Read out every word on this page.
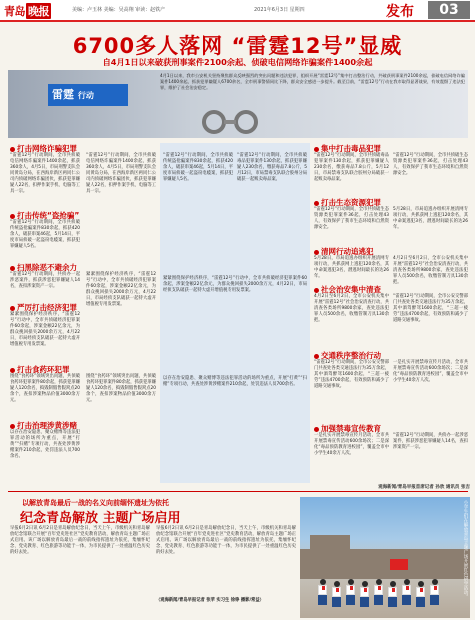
青岛 晚报	美编：卢玉林 美编：吴高翔 审读：赵铁产	2021年6月3日 星期四	发布	03
6700多人落网 “雷霆12号”显威
自4月1日以来破获刑事案件2100余起、侦破电信网络诈骗案件1400余起
雷霆 行动
4月1日以来，我市公安机关坚持聚焦群众反映强烈的突出问题和违法犯罪，组织开展“雷霆12号”集中打击整治行动，共破获刑事案件2100余起，侦破电信网络诈骗案件1400余起，抓获犯罪嫌疑人6700余名，全市刑事警情同比下降，群众安全感进一步提升。截至目前，“雷霆12号”行动在我市取得显著战果，有效震慑了违法犯罪，维护了社会治安稳定。
打击网络诈骗犯罪
“雷霆12号”行动期间，全市共侦破电信网络诈骗案件1400余起，抓获360余人，4月5日，市局刑警支队会同黄岛分局，在西海岸新区两同仁公司内侦破网络诈骗团伙，抓获犯罪嫌疑人22名，扣押作案手机、电脑等工具一宗。
打击传统“盗抢骗”
“雷霆12号”行动期间，全市共侦破传统盗抢骗案件830余起，抓获420余人，破获串案46起，5月14日，平度市局侦破一起盗窃电缆案，抓获犯罪嫌疑人5名。
扫黑除恶不避余力
“雷霆12号”行动期间，共侦办一起涉恶案件，抓获涉恶犯罪嫌疑人14名，查扣涉案资产一宗。
严厉打击经济犯罪
紧紧围绕保护经济秩序，“雷霆12号”行动中，全市共侦破经济犯罪案件60余起，涉案金额22亿余元，为群众挽回损失2000余万元，4月22日，市局经侦支队破获一起特大虚开增值税专用发票案。
打击食药环犯罪
围绕“食药环”领域突出问题，共侦破食药环犯罪案件80余起，抓获犯罪嫌疑人120余名，捣毁制假售假窝点20余个，查扣涉案物品价值3000余万元。
打击治理涉黄涉赌
以存在治安隐患、聚众赌博等违法犯罪活动的场所为重点，开展“打黄”“扫赌”专项行动，共查处涉黄涉赌案件210余起，处罚违法人员700余名。
“雷霆12号”行动期间，全市共侦破电信网络诈骗案件1400余起，抓获360余人，4月5日，市局刑警支队会同黄岛分局，在西海岸新区两同仁公司内侦破网络诈骗团伙，抓获犯罪嫌疑人22名，扣押作案手机、电脑等工具一宗。
紧紧围绕保护经济秩序，“雷霆12号”行动中，全市共侦破经济犯罪案件60余起，涉案金额22亿余元，为群众挽回损失2000余万元，4月22日，市局经侦支队破获一起特大虚开增值税专用发票案。
围绕“食药环”领域突出问题，共侦破食药环犯罪案件80余起，抓获犯罪嫌疑人120余名，捣毁制假售假窝点20余个，查扣涉案物品价值3000余万元。
“雷霆12号”行动期间，全市共侦破传统盗抢骗案件830余起，抓获420余人，破获串案46起，5月14日，平度市局侦破一起盗窃电缆案，抓获犯罪嫌疑人5名。
“雷霆12号”行动期间，全市共侦破毒品犯罪案件130余起，抓获犯罪嫌疑人230余名，缴获毒品7.8公斤，5月12日，市局禁毒支队联合胶州分局破获一起贩卖毒品案。
紧紧围绕保护经济秩序，“雷霆12号”行动中，全市共侦破经济犯罪案件60余起，涉案金额22亿余元，为群众挽回损失2000余万元，4月22日，市局经侦支队破获一起特大虚开增值税专用发票案。
以存在治安隐患、聚众赌博等违法犯罪活动的场所为重点，开展“打黄”“扫赌”专项行动，共查处涉黄涉赌案件210余起，处罚违法人员700余名。
集中打击毒品犯罪
“雷霆12号”行动期间，全市共侦破毒品犯罪案件130余起，抓获犯罪嫌疑人230余名，缴获毒品7.8公斤，5月12日，市局禁毒支队联合胶州分局破获一起贩卖毒品案。
“雷霆12号”行动期间，全市共侦破生态资源类犯罪案件36起，打击处理43人，有效保护了我市生态环境和自然资源安全。
打击生态资源犯罪
“雷霆12号”行动期间，全市共侦破生态资源类犯罪案件36起，打击处理43人，有效保护了我市生态环境和自然资源安全。
5月28日，市局追逃办组织开展清网专项行动，共抓获网上逃犯120余名，其中命案逃犯3名，潜逃时间最长的达26年。
清网行动追逃犯
5月28日，市局追逃办组织开展清网专项行动，共抓获网上逃犯120余名，其中命案逃犯3名，潜逃时间最长的达26年。
4月2日至6月2日，全市公安机关集中开展“雷霆12号”社会治安清查行动，共清查各类场所9800余家，查处违法犯罪人员500余名，收缴管制刀具130余把。
社会治安集中清查
4月2日至6月2日，全市公安机关集中开展“雷霆12号”社会治安清查行动，共清查各类场所9800余家，查处违法犯罪人员500余名，收缴管制刀具130余把。
“雷霆12号”行动期间，全市公安交警部门共查处各类交通违法行为35万余起，其中酒驾醉驾1600余起，“三超一疲劳”违法4700余起，有效预防和减少了道路交通事故。
交通秩序整治行动
“雷霆12号”行动期间，全市公安交警部门共查处各类交通违法行为35万余起，其中酒驾醉驾1600余起，“三超一疲劳”违法4700余起，有效预防和减少了道路交通事故。
一是扎实开展禁毒宣传月活动，全市共开展禁毒宣传活动600余场次；二是深化“毒品预防教育进校园”，覆盖全市中小学生40余万人次。
加强禁毒宣传教育
一是扎实开展禁毒宣传月活动，全市共开展禁毒宣传活动600余场次；二是深化“毒品预防教育进校园”，覆盖全市中小学生40余万人次。
“雷霆12号”行动期间，共侦办一起涉恶案件，抓获涉恶犯罪嫌疑人14名，查扣涉案资产一宗。
观海新闻/青岛早报首席记者 孙欣 通讯员 张吉
以解放青岛最后一战的名义向前缅怀遗址为依托
纪念青岛解放 主题广场启用
早报6月2日讯 6月2日是青岛解放纪念日，当天上午，市级机关和青岛解放纪念馆联合开展“百年党史进社区”党史教育活动，解放青岛主题广场正式启用。该广场以解放青岛最后一战的前线指挥遗址为依托，集缅怀纪念、党史教育、红色旅游等功能于一体，为市民提供了一处重温红色历史的好去处。
早报6月2日讯 6月2日是青岛解放纪念日，当天上午，市级机关和青岛解放纪念馆联合开展“百年党史进社区”党史教育活动，解放青岛主题广场正式启用。该广场以解放青岛最后一战的前线指挥遗址为依托，集缅怀纪念、党史教育、红色旅游等功能于一体，为市民提供了一处重温红色历史的好去处。
（观海新闻/青岛早报记者 张苹 实习生 徐铮 播影/常益）
小学生们在解放青岛主题广场开展红色研学活动。
